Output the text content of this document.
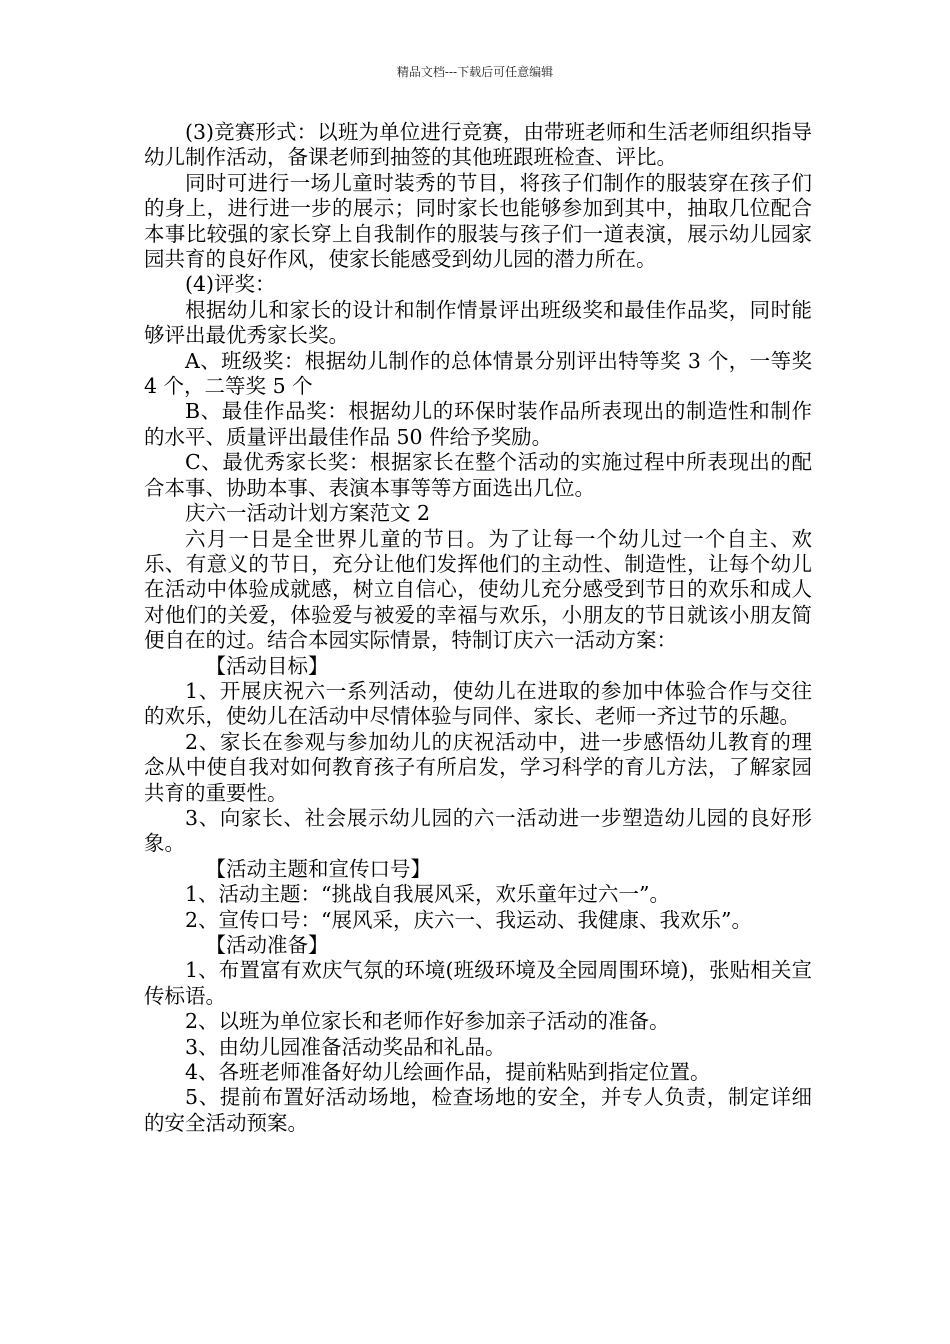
精品文档---下载后可任意编辑

(3)竞赛形式：以班为单位进行竞赛，由带班老师和生活老师组织指导幼儿制作活动，备课老师到抽签的其他班跟班检查、评比。

同时可进行一场儿童时装秀的节目，将孩子们制作的服装穿在孩子们的身上，进行进一步的展示；同时家长也能够参加到其中，抽取几位配合本事比较强的家长穿上自我制作的服装与孩子们一道表演，展示幼儿园家园共育的良好作风，使家长能感受到幼儿园的潜力所在。

(4)评奖：

根据幼儿和家长的设计和制作情景评出班级奖和最佳作品奖，同时能够评出最优秀家长奖。

A、班级奖：根据幼儿制作的总体情景分别评出特等奖 3 个，一等奖 4 个，二等奖 5 个

B、最佳作品奖：根据幼儿的环保时装作品所表现出的制造性和制作的水平、质量评出最佳作品 50 件给予奖励。

C、最优秀家长奖：根据家长在整个活动的实施过程中所表现出的配合本事、协助本事、表演本事等等方面选出几位。

庆六一活动计划方案范文 2

六月一日是全世界儿童的节日。为了让每一个幼儿过一个自主、欢乐、有意义的节日，充分让他们发挥他们的主动性、制造性，让每个幼儿在活动中体验成就感，树立自信心，使幼儿充分感受到节日的欢乐和成人对他们的关爱，体验爱与被爱的幸福与欢乐，小朋友的节日就该小朋友简便自在的过。结合本园实际情景，特制订庆六一活动方案：

【活动目标】

1、开展庆祝六一系列活动，使幼儿在进取的参加中体验合作与交往的欢乐，使幼儿在活动中尽情体验与同伴、家长、老师一齐过节的乐趣。

2、家长在参观与参加幼儿的庆祝活动中，进一步感悟幼儿教育的理念从中使自我对如何教育孩子有所启发，学习科学的育儿方法，了解家园共育的重要性。

3、向家长、社会展示幼儿园的六一活动进一步塑造幼儿园的良好形象。

【活动主题和宣传口号】

1、活动主题：“挑战自我展风采，欢乐童年过六一”。

2、宣传口号：“展风采，庆六一、我运动、我健康、我欢乐”。

【活动准备】

1、布置富有欢庆气氛的环境(班级环境及全园周围环境)，张贴相关宣传标语。

2、以班为单位家长和老师作好参加亲子活动的准备。

3、由幼儿园准备活动奖品和礼品。

4、各班老师准备好幼儿绘画作品，提前粘贴到指定位置。

5、提前布置好活动场地，检查场地的安全，并专人负责，制定详细的安全活动预案。
